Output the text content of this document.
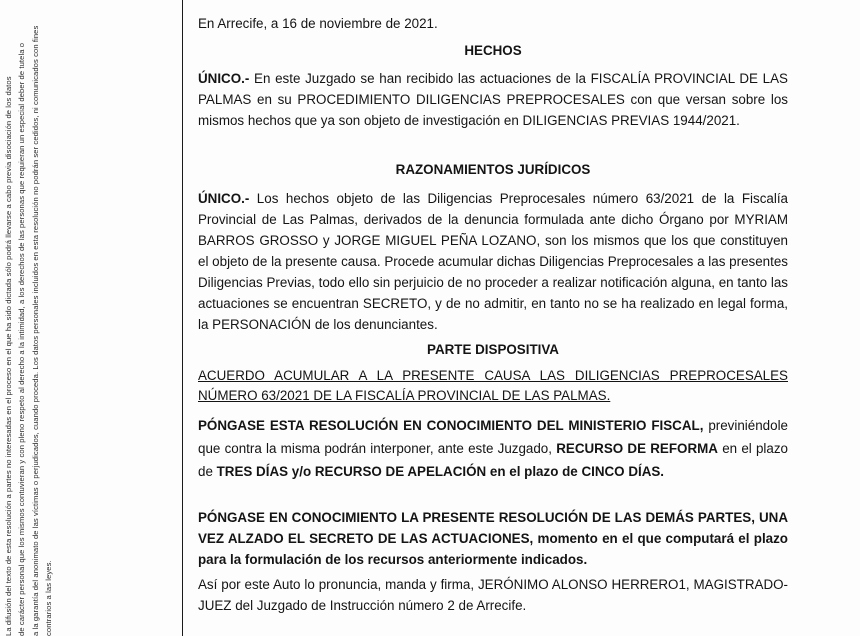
La difusión del texto de esta resolución a partes no interesadas en el proceso en el que ha sido dictada sólo podrá llevarse a cabo previa disociación de los datos de carácter personal que los mismos contuvieran y con pleno respeto al derecho a la intimidad, a los derechos de las personas que requieran un especial deber de tutela o a la garantía del anonimato de las víctimas o perjudicados, cuando proceda. Los datos personales incluidos en esta resolución no podrán ser cedidos, ni comunicados con fines contrarios a las leyes.

En Arrecife, a 16 de noviembre de 2021.

HECHOS

ÚNICO.- En este Juzgado se han recibido las actuaciones de la FISCALÍA PROVINCIAL DE LAS PALMAS en su PROCEDIMIENTO DILIGENCIAS PREPROCESALES con que versan sobre los mismos hechos que ya son objeto de investigación en DILIGENCIAS PREVIAS 1944/2021.

RAZONAMIENTOS JURÍDICOS

ÚNICO.- Los hechos objeto de las Diligencias Preprocesales número 63/2021 de la Fiscalía Provincial de Las Palmas, derivados de la denuncia formulada ante dicho Órgano por MYRIAM BARROS GROSSO y JORGE MIGUEL PEÑA LOZANO, son los mismos que los que constituyen el objeto de la presente causa. Procede acumular dichas Diligencias Preprocesales a las presentes Diligencias Previas, todo ello sin perjuicio de no proceder a realizar notificación alguna, en tanto las actuaciones se encuentran SECRETO, y de no admitir, en tanto no se ha realizado en legal forma, la PERSONACIÓN de los denunciantes.

PARTE DISPOSITIVA

ACUERDO ACUMULAR A LA PRESENTE CAUSA LAS DILIGENCIAS PREPROCESALES NÚMERO 63/2021 DE LA FISCALÍA PROVINCIAL DE LAS PALMAS.

PÓNGASE ESTA RESOLUCIÓN EN CONOCIMIENTO DEL MINISTERIO FISCAL, previniéndole que contra la misma podrán interponer, ante este Juzgado, RECURSO DE REFORMA en el plazo de TRES DÍAS y/o RECURSO DE APELACIÓN en el plazo de CINCO DÍAS.

PÓNGASE EN CONOCIMIENTO LA PRESENTE RESOLUCIÓN DE LAS DEMÁS PARTES, UNA VEZ ALZADO EL SECRETO DE LAS ACTUACIONES, momento en el que computará el plazo para la formulación de los recursos anteriormente indicados.

Así por este Auto lo pronuncia, manda y firma, JERÓNIMO ALONSO HERRERO1, MAGISTRADO-JUEZ del Juzgado de Instrucción número 2 de Arrecife.
